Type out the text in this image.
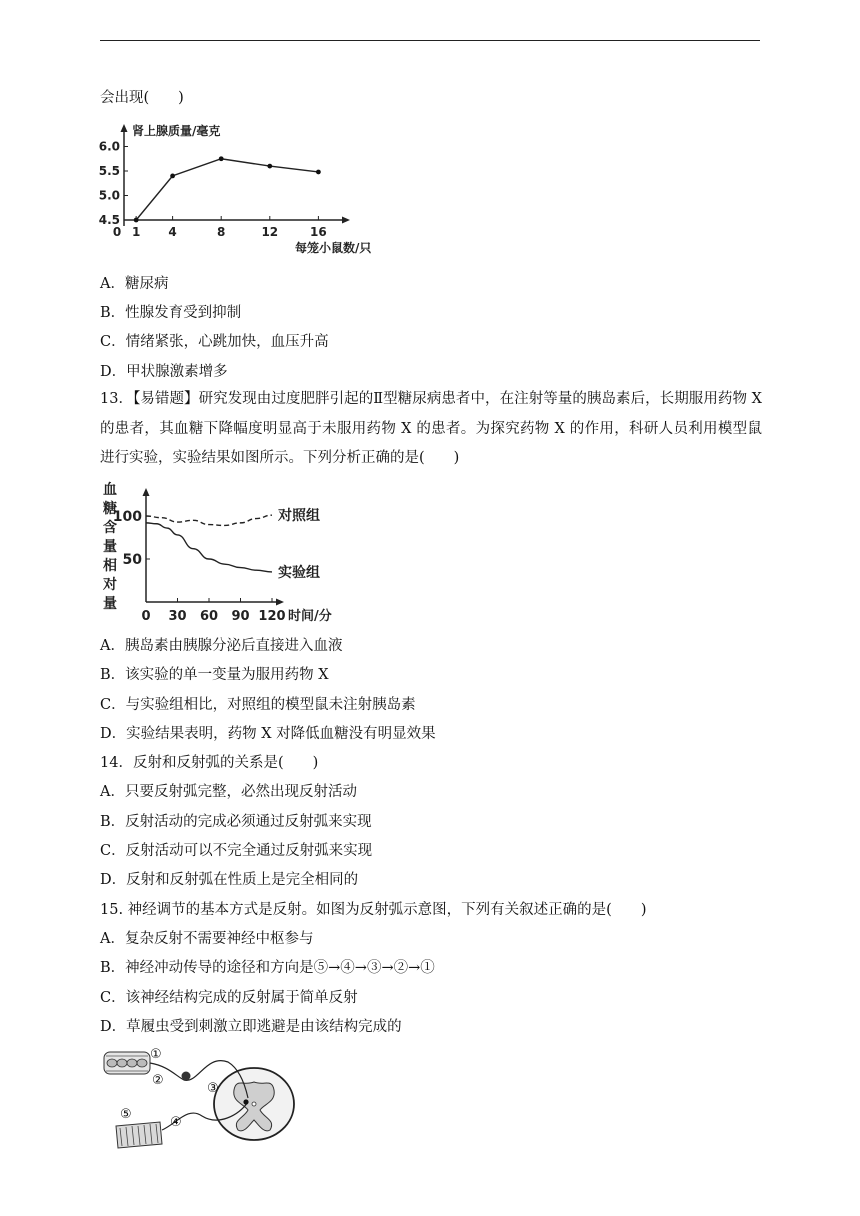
会出现(　　)
肾上腺质量/毫克
每笼小鼠数/只
4.5
5.0
5.5
6.0
0 1 4	8	12	16
A．糖尿病
B．性腺发育受到抑制
C．情绪紧张，心跳加快，血压升高
D．甲状腺激素增多
13．【易错题】研究发现由过度肥胖引起的Ⅱ型糖尿病患者中，在注射等量的胰岛素后，长期服用药物 X 的患者，其血糖下降幅度明显高于未服用药物 X 的患者。为探究药物 X 的作用，科研人员利用模型鼠进行实验，实验结果如图所示。下列分析正确的是(　　)
血
糖
含
量
相
对
量
50
100
0 30 60 90 120 时间/分
对照组
实验组
A．胰岛素由胰腺分泌后直接进入血液
B．该实验的单一变量为服用药物 X
C．与实验组相比，对照组的模型鼠未注射胰岛素
D．实验结果表明，药物 X 对降低血糖没有明显效果
14．反射和反射弧的关系是(　　)
A．只要反射弧完整，必然出现反射活动
B．反射活动的完成必须通过反射弧来实现
C．反射活动可以不完全通过反射弧来实现
D．反射和反射弧在性质上是完全相同的
15. 神经调节的基本方式是反射。如图为反射弧示意图，下列有关叙述正确的是(　　)
A．复杂反射不需要神经中枢参与
B．神经冲动传导的途径和方向是⑤→④→③→②→①
C．该神经结构完成的反射属于简单反射
D．草履虫受到刺激立即逃避是由该结构完成的
①
②
③
④
⑤
